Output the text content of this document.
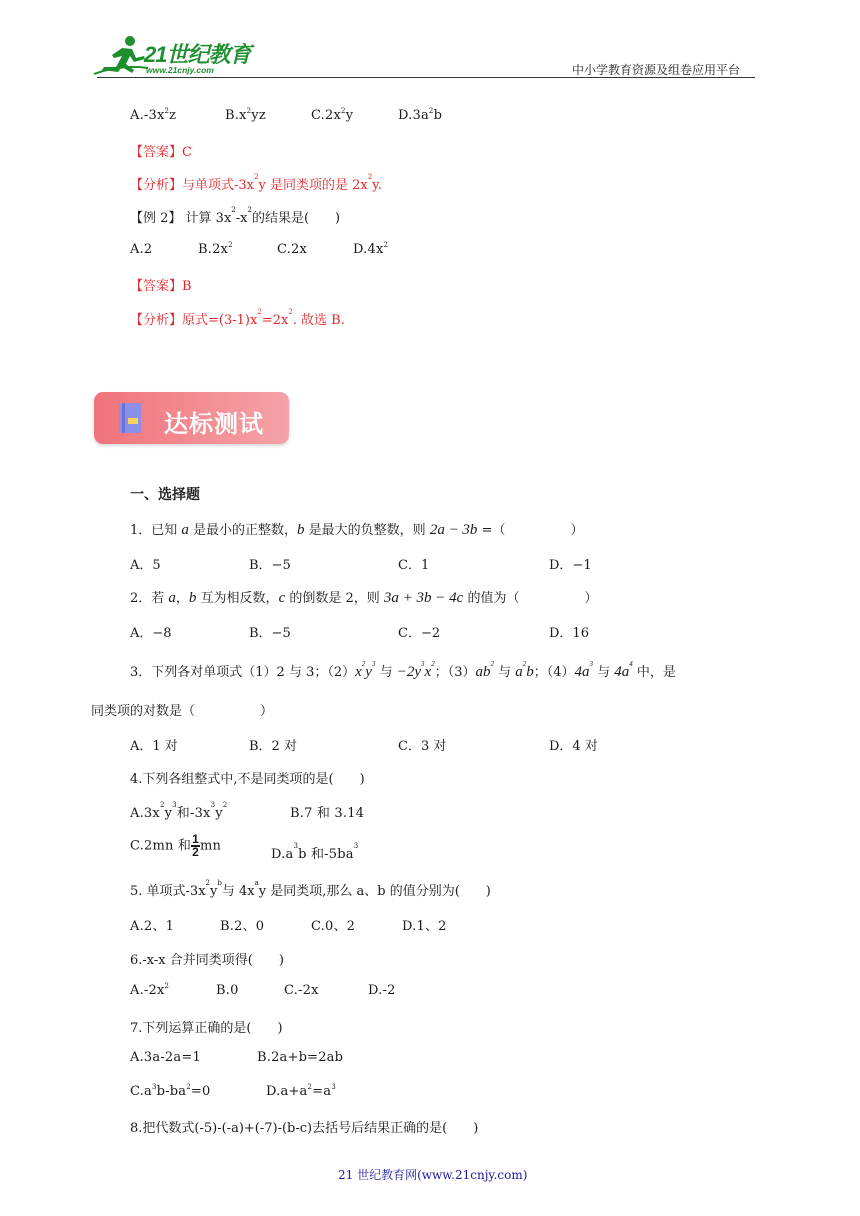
21世纪教育
www.21cnjy.com	中小学教育资源及组卷应用平台
$A.-3x^2z$	$B.x^2yz$	$C.2x^2y$	$D.3a^2b$
【答案】C
【分析】与单项式$-3x^2y$ 是同类项的是 $2x^2y$.
【例 2】 计算 $3x^2-x^2$的结果是(　　)
A.2	$B.2x^2$	C.2x	$D.4x^2$
【答案】B
【分析】原式$=(3-1)x^2=2x^2$. 故选 B.
达标测试
一、选择题
1．已知 a 是最小的正整数，b 是最大的负整数，则 2a − 3b =（　　　　　）
A．5	B．−5	C．1	D．−1
2．若 a，b 互为相反数，c 的倒数是 2，则 3a + 3b − 4c 的值为（　　　　　）
A．−8	B．−5	C．−2	D．16
3．下列各对单项式（1）2 与 3；$(2)x^2y^3$ 与 $-2y^3x^2$；$(3)ab^2$ 与 $a^2b$；$(4)4a^3$ 与 $4a^4$ 中，是
同类项的对数是（　　　　　）
A．1 对	B．2 对	C．3 对	D．4 对
4.下列各组整式中,不是同类项的是(　　)
$A.3x^2y^3$和$-3x^3y^2$
B.7 和 3.14
C.2mn 和 $\frac{1}{2}$ mn
$D.a^3b$ 和$-5ba^3$
5. 单项式$-3x^2y^b$与 $4x^ay$ 是同类项,那么 a、b 的值分别为(　　)
A.2、1	B.2、0	C.0、2	D.1、2
6.-x-x 合并同类项得(　　)
$A.-2x^2$	B.0	C.-2x	D.-2
7.下列运算正确的是(　　)
A.3a-2a=1	B.2a+b=2ab
$C.a^3b-ba^2=0$	$D.a+a^2=a^3$
8.把代数式(-5)-(-a)+(-7)-(b-c)去括号后结果正确的是(　　)
21 世纪教育网(www.21cnjy.com)
